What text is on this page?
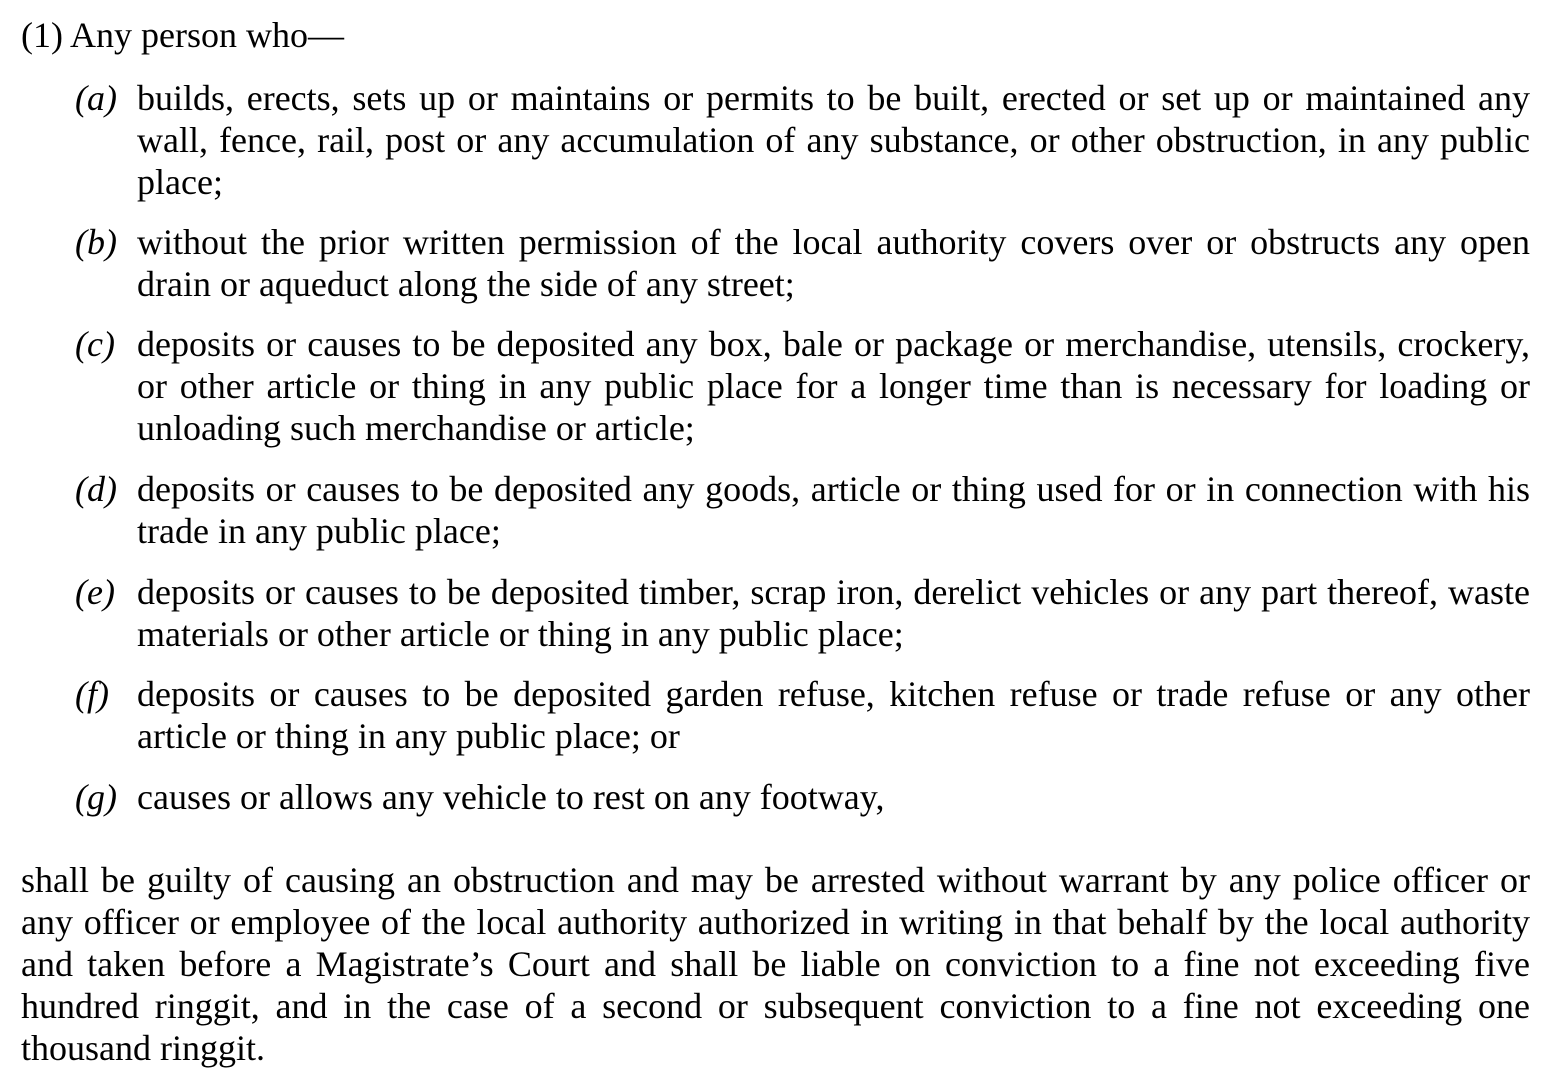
(1) Any person who—

(a) builds, erects, sets up or maintains or permits to be built, erected or set up or maintained any wall, fence, rail, post or any accumulation of any substance, or other obstruction, in any public place;
(b) without the prior written permission of the local authority covers over or obstructs any open drain or aqueduct along the side of any street;
(c) deposits or causes to be deposited any box, bale or package or merchandise, utensils, crockery, or other article or thing in any public place for a longer time than is necessary for loading or unloading such merchandise or article;
(d) deposits or causes to be deposited any goods, article or thing used for or in connection with his trade in any public place;
(e) deposits or causes to be deposited timber, scrap iron, derelict vehicles or any part thereof, waste materials or other article or thing in any public place;
(f) deposits or causes to be deposited garden refuse, kitchen refuse or trade refuse or any other article or thing in any public place; or
(g) causes or allows any vehicle to rest on any footway,

shall be guilty of causing an obstruction and may be arrested without warrant by any police officer or any officer or employee of the local authority authorized in writing in that behalf by the local authority and taken before a Magistrate’s Court and shall be liable on conviction to a fine not exceeding five hundred ringgit, and in the case of a second or subsequent conviction to a fine not exceeding one thousand ringgit.
